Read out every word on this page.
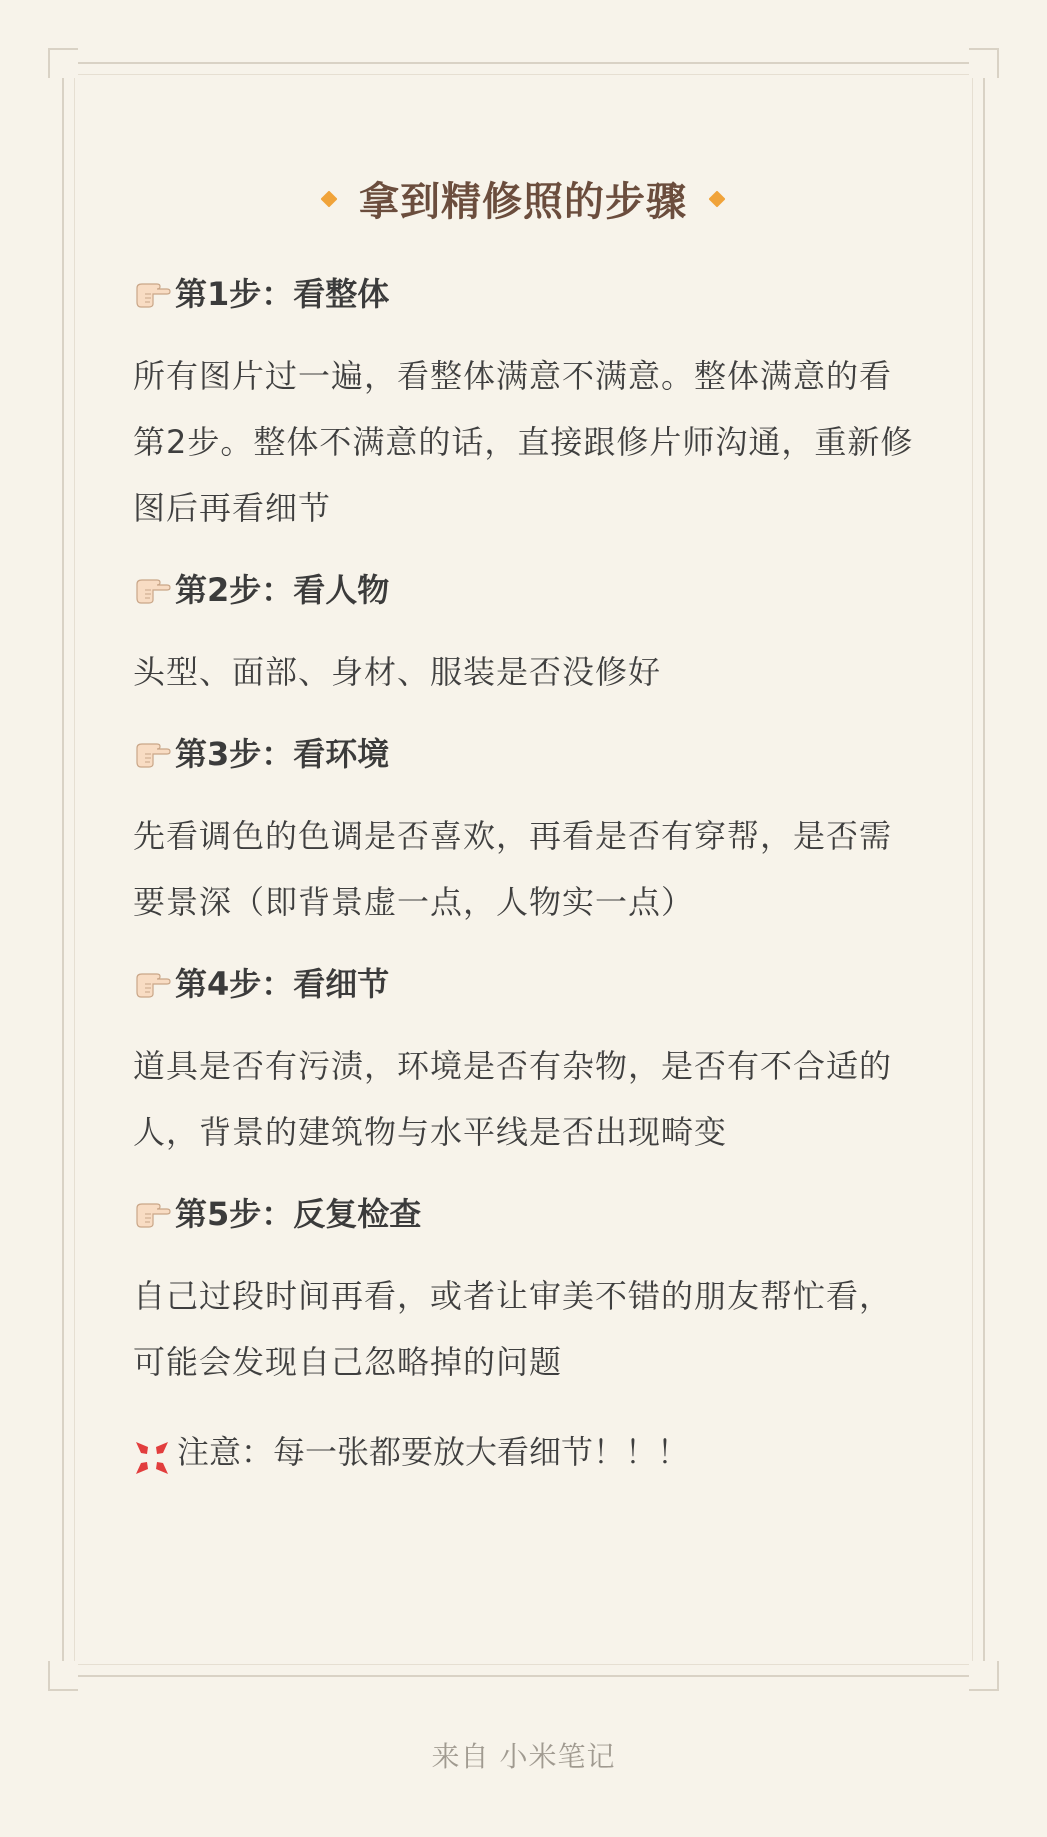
拿到精修照的步骤
第1步：看整体
所有图片过一遍，看整体满意不满意。整体满意的看第2步。整体不满意的话，直接跟修片师沟通，重新修图后再看细节
第2步：看人物
头型、面部、身材、服装是否没修好
第3步：看环境
先看调色的色调是否喜欢，再看是否有穿帮，是否需要景深（即背景虚一点，人物实一点）
第4步：看细节
道具是否有污渍，环境是否有杂物，是否有不合适的人，背景的建筑物与水平线是否出现畸变
第5步：反复检查
自己过段时间再看，或者让审美不错的朋友帮忙看，可能会发现自己忽略掉的问题
注意：每一张都要放大看细节！！！
来自 小米笔记
